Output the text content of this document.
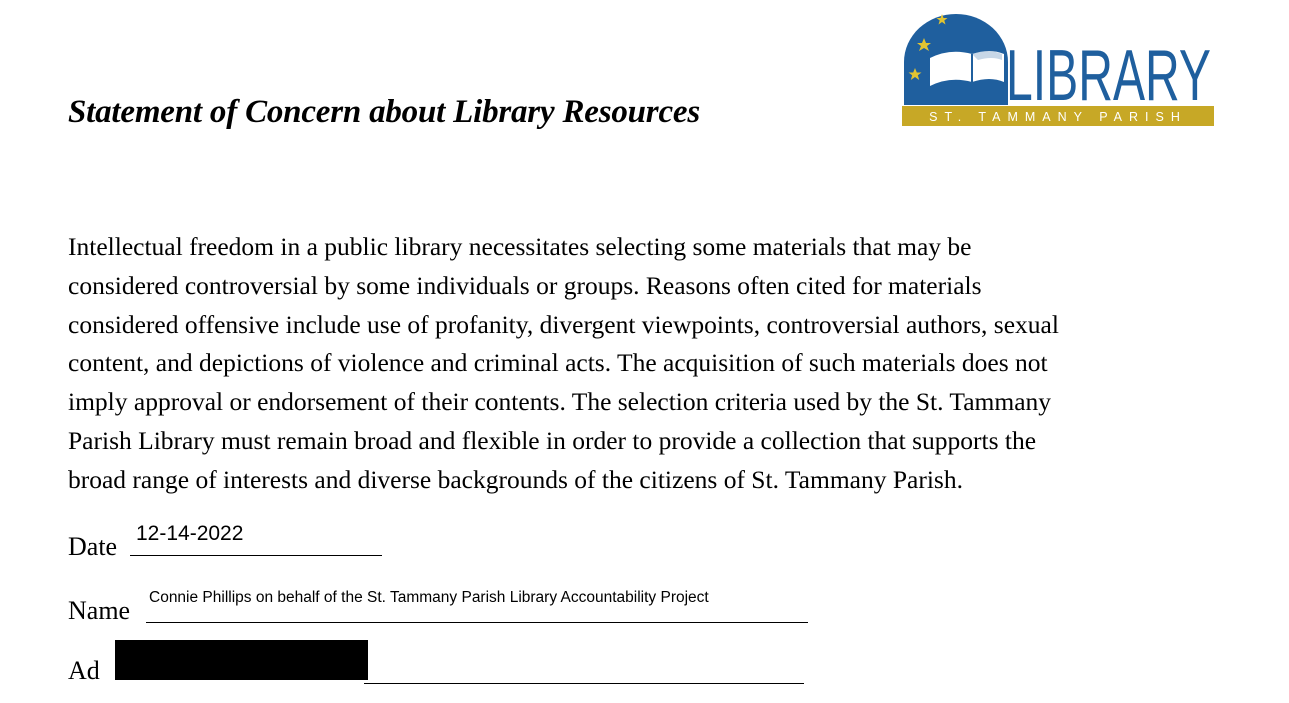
Statement of Concern about Library Resources	ST. TAMMANY PARISH
LIBRARY
Intellectual freedom in a public library necessitates selecting some materials that may be
considered controversial by some individuals or groups. Reasons often cited for materials
considered offensive include use of profanity, divergent viewpoints, controversial authors, sexual
content, and depictions of violence and criminal acts. The acquisition of such materials does not
imply approval or endorsement of their contents. The selection criteria used by the St. Tammany
Parish Library must remain broad and flexible in order to provide a collection that supports the
broad range of interests and diverse backgrounds of the citizens of St. Tammany Parish.
Date 12-14-2022
Name Connie Phillips on behalf of the St. Tammany Parish Library Accountability Project
Ad
